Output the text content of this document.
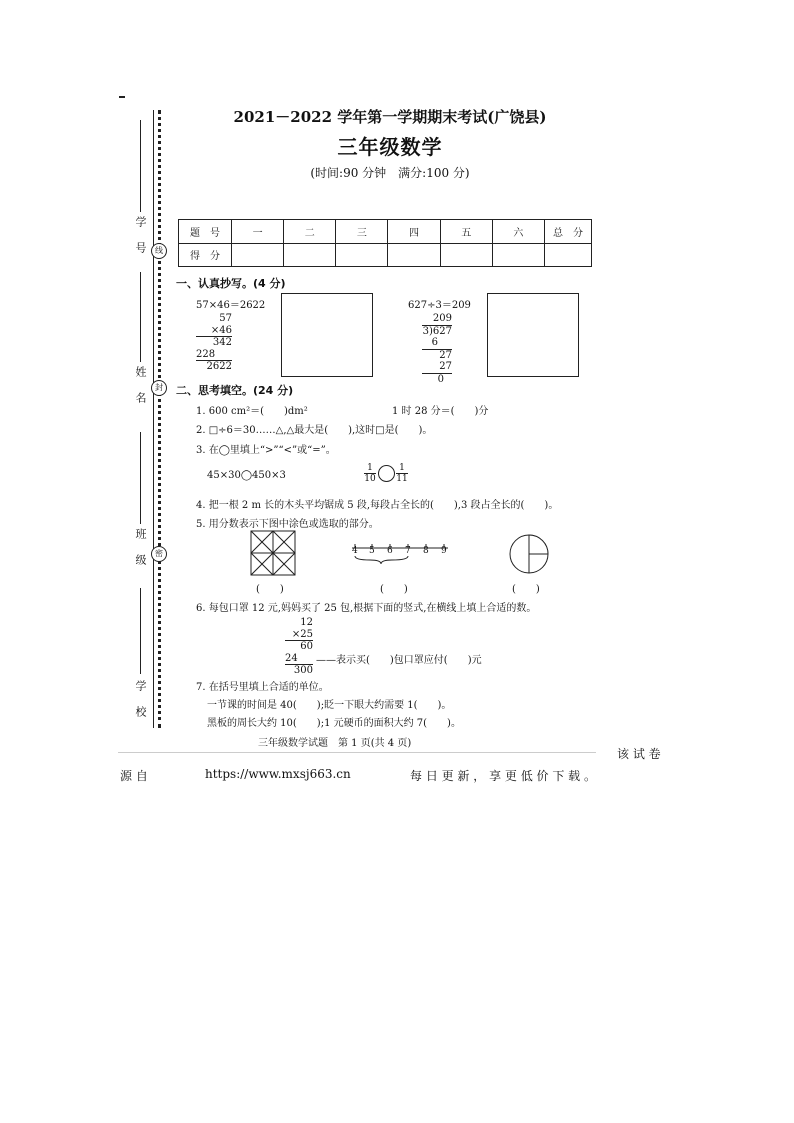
学　号
姓　名
班　级
学　校
线
封
密
2021－2022 学年第一学期期末考试(广饶县)
三年级数学
(时间:90 分钟　满分:100 分)
题　号	一	二	三	四	五	六	总　分
得　分							
一、认真抄写。(4 分)
57×46＝2622
57
×46
342
228
2622
627÷3＝209
209
3)627
6
27
27
0
二、思考填空。(24 分)
1. 600 cm²＝(　　)dm²	1 时 28 分＝(　　)分
2. □÷6＝30……△,△最大是(　　),这时□是(　　)。
3. 在◯里填上“>”“<”或“=”。
45×30◯450×3	$\frac{1}{10} \frac{1}{11}$
4. 把一根 2 m 长的木头平均锯成 5 段,每段占全长的(　　),3 段占全长的(　　)。
5. 用分数表示下图中涂色或选取的部分。
(　　)
4 5 6 7 8 9
(　　)	(　　)
6. 每包口罩 12 元,妈妈买了 25 包,根据下面的竖式,在横线上填上合适的数。
12
×25
60
24
300
——表示买(　　)包口罩应付(　　)元
7. 在括号里填上合适的单位。
一节课的时间是 40(　　);眨一下眼大约需要 1(　　)。
黑板的周长大约 10(　　);1 元硬币的面积大约 7(　　)。
三年级数学试题　第 1 页(共 4 页)
该 试 卷
源 自	https://www.mxsj663.cn	每 日 更 新 ， 享 更 低 价 下 载 。
